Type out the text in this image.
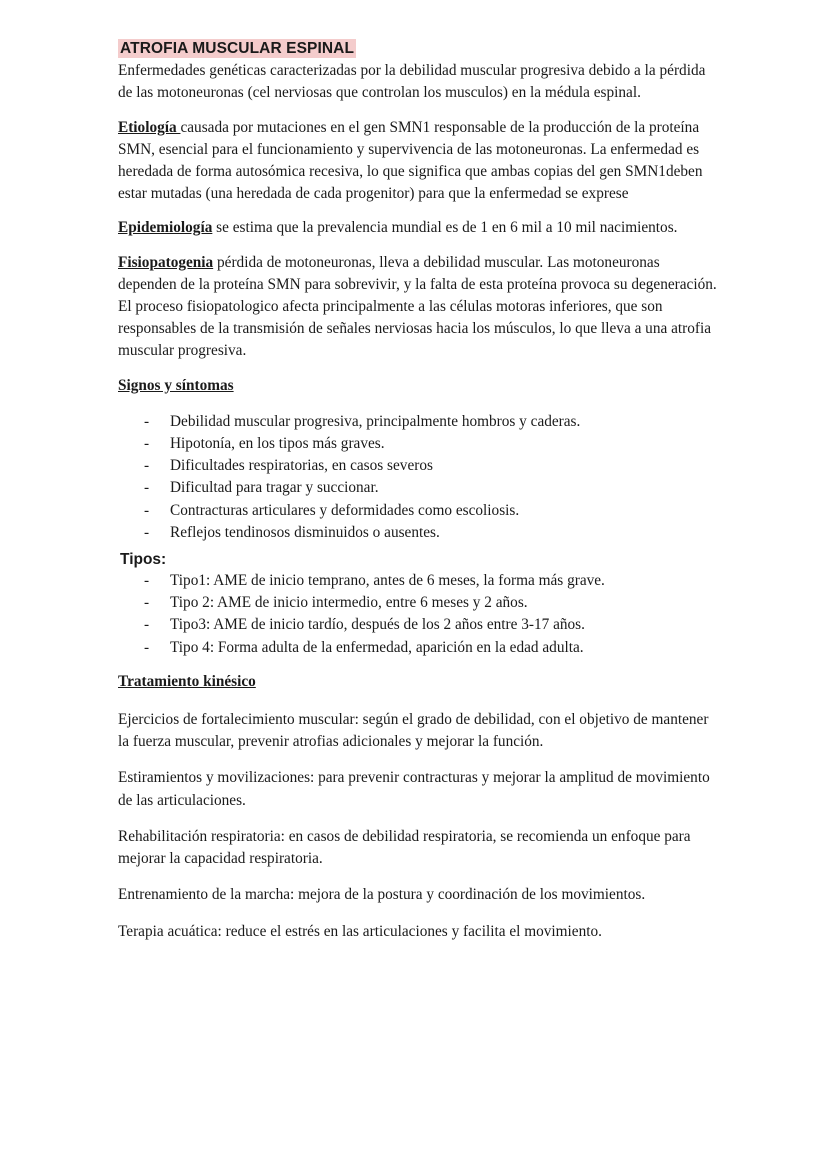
ATROFIA MUSCULAR ESPINAL

Enfermedades genéticas caracterizadas por la debilidad muscular progresiva debido a la pérdida de las motoneuronas (cel nerviosas que controlan los musculos) en la médula espinal.

Etiología causada por mutaciones en el gen SMN1 responsable de la producción de la proteína SMN, esencial para el funcionamiento y supervivencia de las motoneuronas. La enfermedad es heredada de forma autosómica recesiva, lo que significa que ambas copias del gen SMN1deben estar mutadas (una heredada de cada progenitor) para que la enfermedad se exprese

Epidemiología se estima que la prevalencia mundial es de 1 en 6 mil a 10 mil nacimientos.

Fisiopatogenia pérdida de motoneuronas, lleva a debilidad muscular. Las motoneuronas dependen de la proteína SMN para sobrevivir, y la falta de esta proteína provoca su degeneración. El proceso fisiopatologico afecta principalmente a las células motoras inferiores, que son responsables de la transmisión de señales nerviosas hacia los músculos, lo que lleva a una atrofia muscular progresiva.

Signos y síntomas

- Debilidad muscular progresiva, principalmente hombros y caderas.
- Hipotonía, en los tipos más graves.
- Dificultades respiratorias, en casos severos
- Dificultad para tragar y succionar.
- Contracturas articulares y deformidades como escoliosis.
- Reflejos tendinosos disminuidos o ausentes.
Tipos:
- Tipo1: AME de inicio temprano, antes de 6 meses, la forma más grave.
- Tipo 2: AME de inicio intermedio, entre 6 meses y 2 años.
- Tipo3: AME de inicio tardío, después de los 2 años entre 3-17 años.
- Tipo 4: Forma adulta de la enfermedad, aparición en la edad adulta.

Tratamiento kinésico

Ejercicios de fortalecimiento muscular: según el grado de debilidad, con el objetivo de mantener la fuerza muscular, prevenir atrofias adicionales y mejorar la función.

Estiramientos y movilizaciones: para prevenir contracturas y mejorar la amplitud de movimiento de las articulaciones.

Rehabilitación respiratoria: en casos de debilidad respiratoria, se recomienda un enfoque para mejorar la capacidad respiratoria.

Entrenamiento de la marcha: mejora de la postura y coordinación de los movimientos.

Terapia acuática: reduce el estrés en las articulaciones y facilita el movimiento.
